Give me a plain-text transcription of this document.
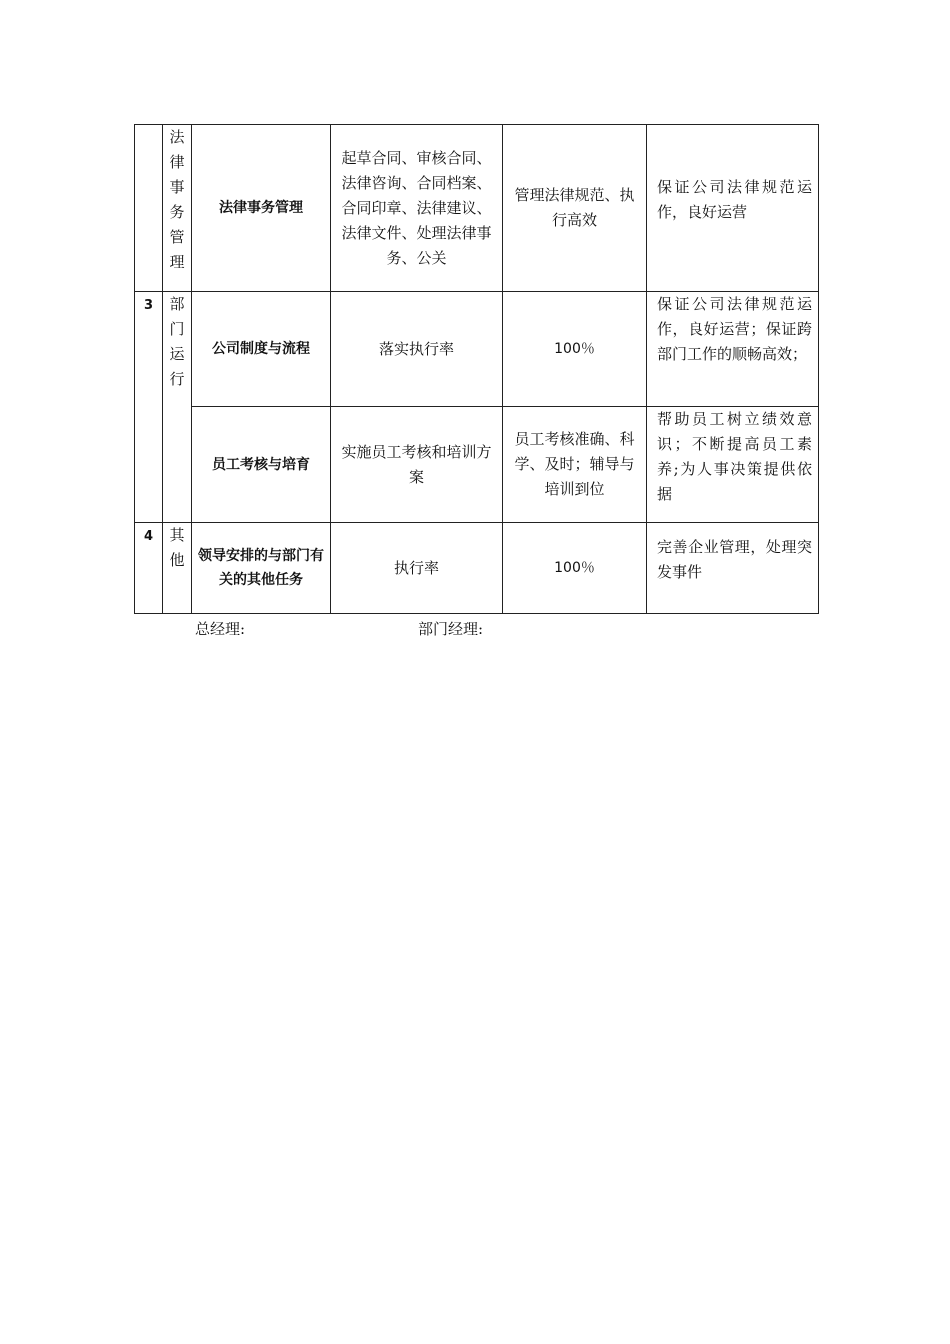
	法律事务管理	法律事务管理	起草合同、审核合同、法律咨询、合同档案、合同印章、法律建议、法律文件、处理法律事务、公关	管理法律规范、执行高效	保证公司法律规范运作，良好运营
3	部门运行	公司制度与流程	落实执行率	100％	保证公司法律规范运作，良好运营；保证跨部门工作的顺畅高效；
		员工考核与培育	实施员工考核和培训方案	员工考核准确、科学、及时；辅导与培训到位	帮助员工树立绩效意识；不断提高员工素养;为人事决策提供依据
4	其他	领导安排的与部门有关的其他任务	执行率	100％	完善企业管理，处理突发事件
总经理:	部门经理:
